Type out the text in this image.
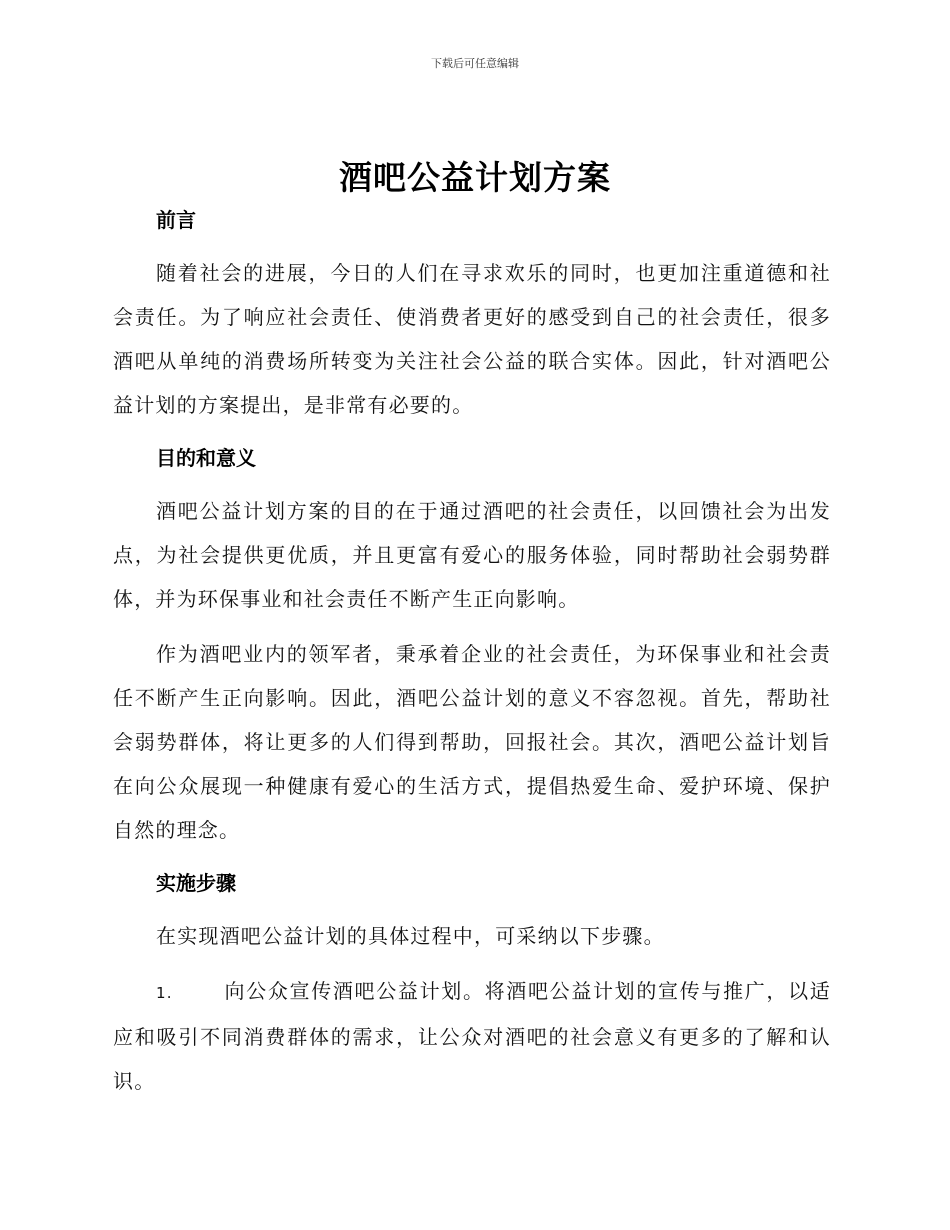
下载后可任意编辑
酒吧公益计划方案

前言

随着社会的进展，今日的人们在寻求欢乐的同时，也更加注重道德和社会责任。为了响应社会责任、使消费者更好的感受到自己的社会责任，很多酒吧从单纯的消费场所转变为关注社会公益的联合实体。因此，针对酒吧公益计划的方案提出，是非常有必要的。

目的和意义

酒吧公益计划方案的目的在于通过酒吧的社会责任，以回馈社会为出发点，为社会提供更优质，并且更富有爱心的服务体验，同时帮助社会弱势群体，并为环保事业和社会责任不断产生正向影响。

作为酒吧业内的领军者，秉承着企业的社会责任，为环保事业和社会责任不断产生正向影响。因此，酒吧公益计划的意义不容忽视。首先，帮助社会弱势群体，将让更多的人们得到帮助，回报社会。其次，酒吧公益计划旨在向公众展现一种健康有爱心的生活方式，提倡热爱生命、爱护环境、保护自然的理念。

实施步骤

在实现酒吧公益计划的具体过程中，可采纳以下步骤。

1.	向公众宣传酒吧公益计划。将酒吧公益计划的宣传与推广，以适应和吸引不同消费群体的需求，让公众对酒吧的社会意义有更多的了解和认识。
